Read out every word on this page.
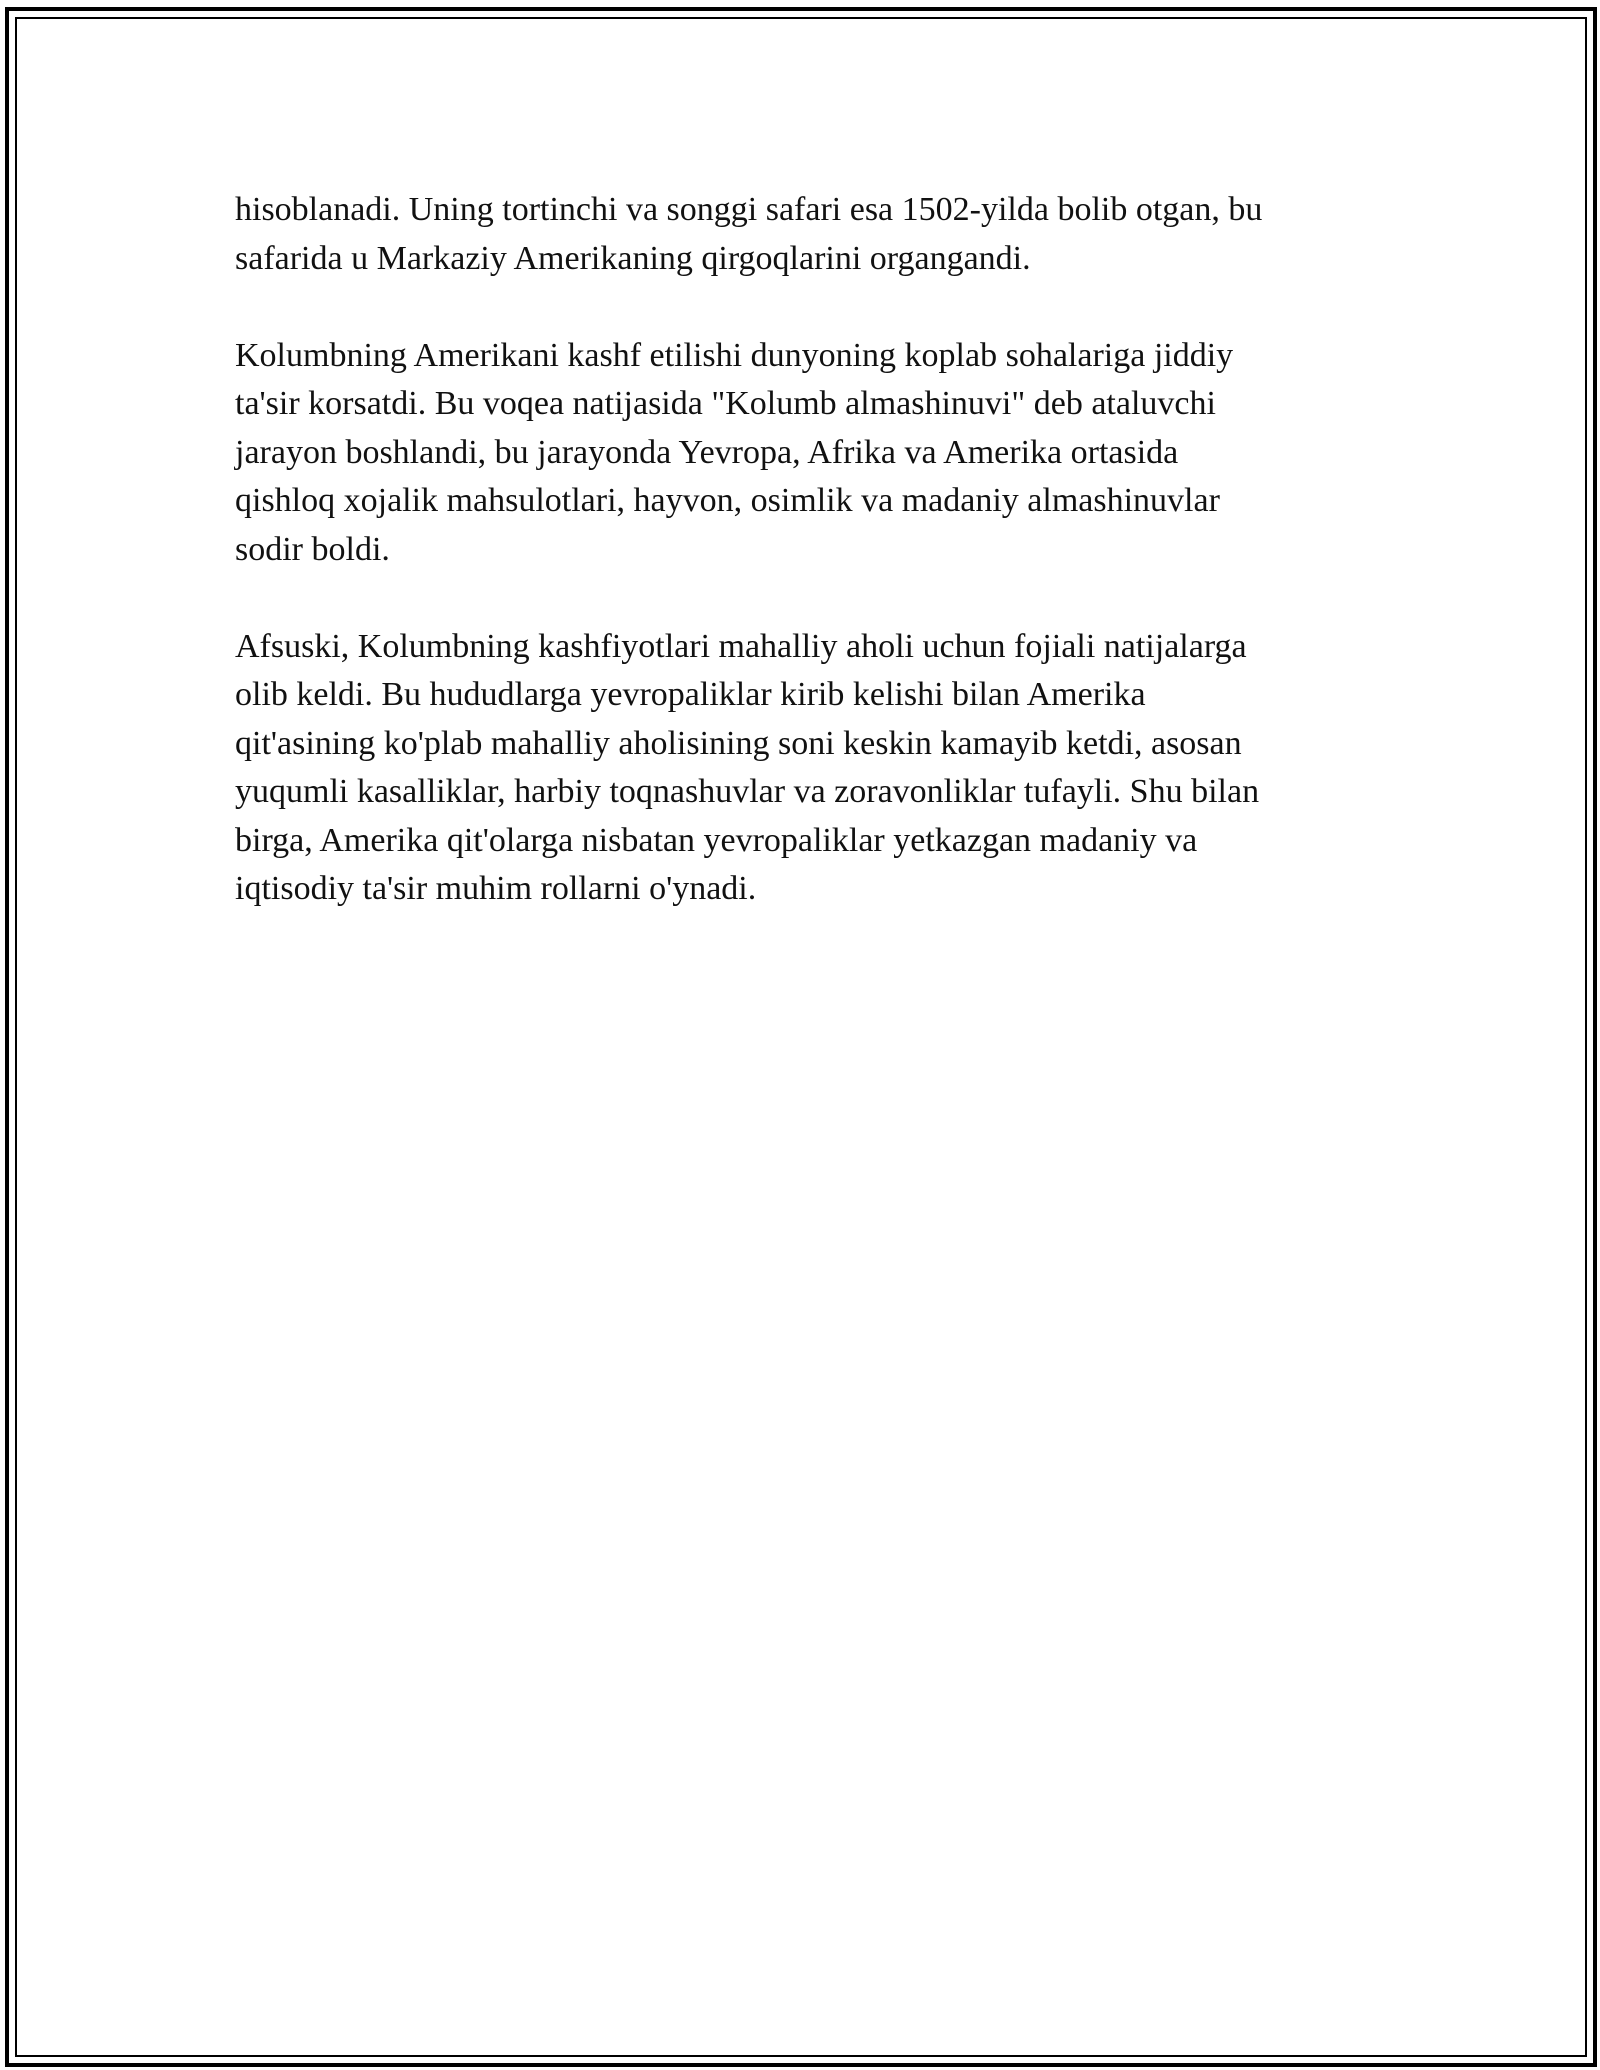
hisoblanadi. Uning tortinchi va songgi safari esa 1502-yilda bolib otgan, bu
safarida u Markaziy Amerikaning qirgoqlarini organgandi.

Kolumbning Amerikani kashf etilishi dunyoning koplab sohalariga jiddiy
ta'sir korsatdi. Bu voqea natijasida "Kolumb almashinuvi" deb ataluvchi
jarayon boshlandi, bu jarayonda Yevropa, Afrika va Amerika ortasida
qishloq xojalik mahsulotlari, hayvon, osimlik va madaniy almashinuvlar
sodir boldi.

Afsuski, Kolumbning kashfiyotlari mahalliy aholi uchun fojiali natijalarga
olib keldi. Bu hududlarga yevropaliklar kirib kelishi bilan Amerika
qit'asining ko'plab mahalliy aholisining soni keskin kamayib ketdi, asosan
yuqumli kasalliklar, harbiy toqnashuvlar va zoravonliklar tufayli. Shu bilan
birga, Amerika qit'olarga nisbatan yevropaliklar yetkazgan madaniy va
iqtisodiy ta'sir muhim rollarni o'ynadi.
